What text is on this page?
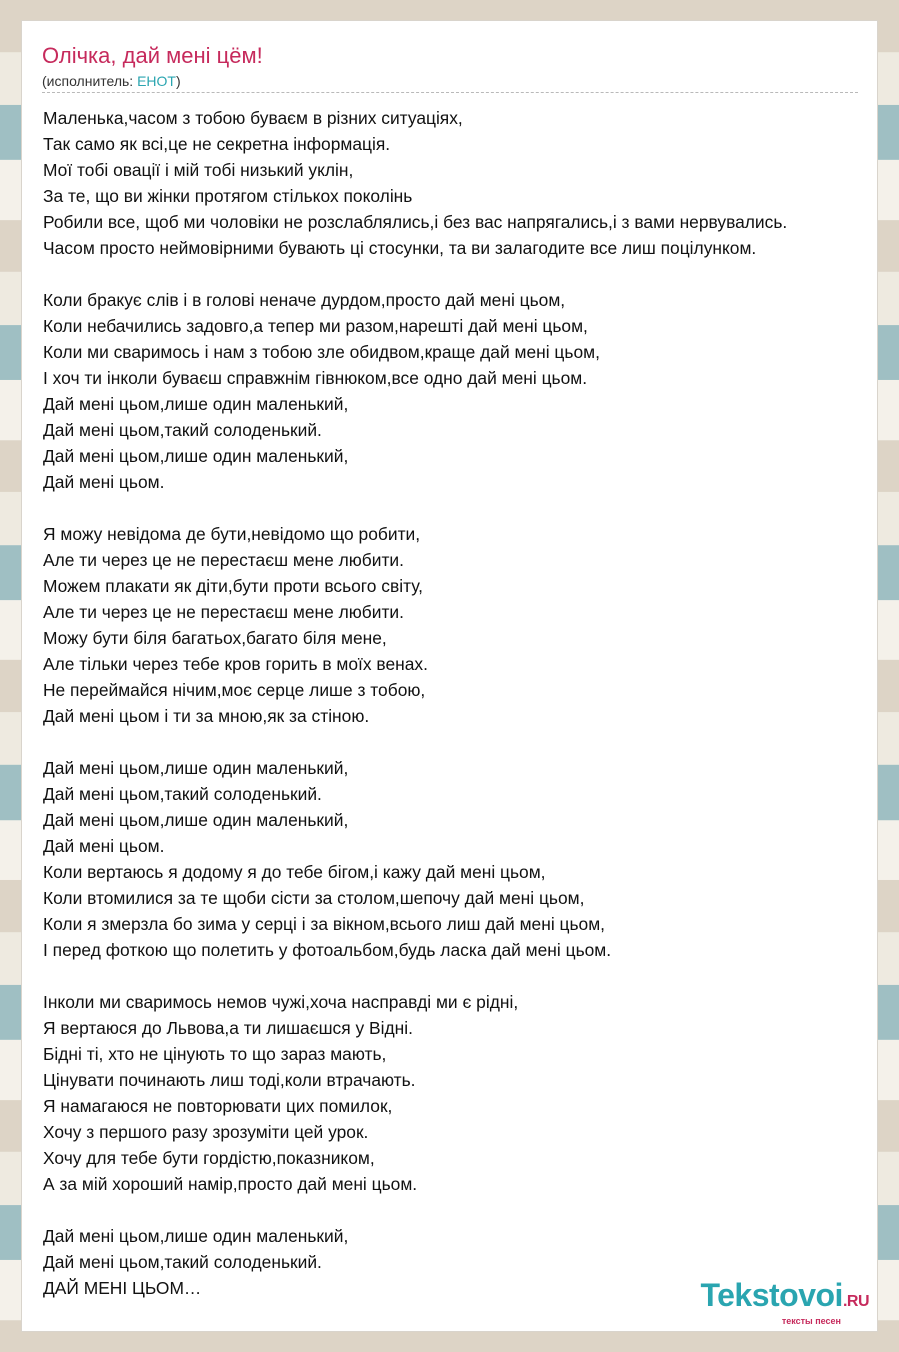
Олічка, дай мені цём!
(исполнитель: ЕНОТ)
Маленька,часом з тобою буваєм в різних ситуаціях,
Так само як всі,це не секретна інформація.
Мої тобі овації і мій тобі низький уклін,
За те, що ви жінки протягом стількох поколінь
Робили все, щоб ми чоловіки не розслаблялись,і без вас напрягались,і з вами нервувались.
Часом просто неймовірними бувають ці стосунки, та ви залагодите все лиш поцілунком.
Коли бракує слів і в голові неначе дурдом,просто дай мені цьом,
Коли небачились задовго,а тепер ми разом,нарешті дай мені цьом,
Коли ми сваримось і нам з тобою зле обидвом,краще дай мені цьом,
І хоч ти інколи буваєш справжнім гівнюком,все одно дай мені цьом.
Дай мені цьом,лише один маленький,
Дай мені цьом,такий солоденький.
Дай мені цьом,лише один маленький,
Дай мені цьом.
Я можу невідома де бути,невідомо що робити,
Але ти через це не перестаєш мене любити.
Можем плакати як діти,бути проти всього світу,
Але ти через це не перестаєш мене любити.
Можу бути біля багатьох,багато біля мене,
Але тільки через тебе кров горить в моїх венах.
Не переймайся нічим,моє серце лише з тобою,
Дай мені цьом і ти за мною,як за стіною.
Дай мені цьом,лише один маленький,
Дай мені цьом,такий солоденький.
Дай мені цьом,лише один маленький,
Дай мені цьом.
Коли вертаюсь я додому я до тебе бігом,і кажу дай мені цьом,
Коли втомилися за те щоби сісти за столом,шепочу дай мені цьом,
Коли я змерзла бо зима у серці і за вікном,всього лиш дай мені цьом,
І перед фоткою що полетить у фотоальбом,будь ласка дай мені цьом.
Інколи ми сваримось немов чужі,хоча насправді ми є рідні,
Я вертаюся до Львова,а ти лишаєшся у Відні.
Бідні ті, хто не цінують то що зараз мають,
Цінувати починають лиш тоді,коли втрачають.
Я намагаюся не повторювати цих помилок,
Хочу з першого разу зрозуміти цей урок.
Хочу для тебе бути гордістю,показником,
А за мій хороший намір,просто дай мені цьом.
Дай мені цьом,лише один маленький,
Дай мені цьом,такий солоденький.
ДАЙ МЕНІ ЦЬОМ…	Tekstovoi.RU
тексты песен
